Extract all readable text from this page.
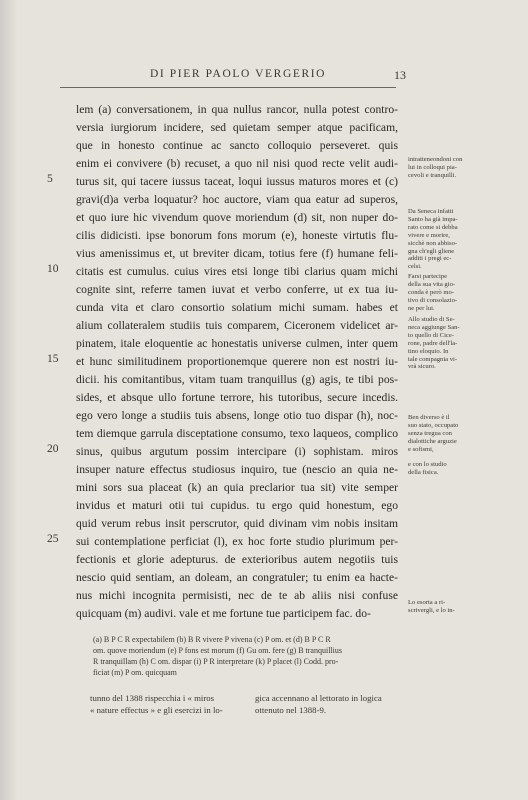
DI PIER PAOLO VERGERIO	13
lem (a) conversationem, in qua nullus rancor, nulla potest contro-
versia iurgiorum incidere, sed quietam semper atque pacificam,
que in honesto continue ac sancto colloquio perseveret. quis
enim ei convivere (b) recuset, a quo nil nisi quod recte velit audi-
turus sit, qui tacere iussus taceat, loqui iussus maturos mores et (c)
gravi(d)a verba loquatur? hoc auctore, viam qua eatur ad superos,
et quo iure hic vivendum quove moriendum (d) sit, non nuper do-
cilis didicisti. ipse bonorum fons morum (e), honeste virtutis flu-
vius amenissimus et, ut breviter dicam, totius fere (f) humane feli-
citatis est cumulus. cuius vires etsi longe tibi clarius quam michi
cognite sint, referre tamen iuvat et verbo conferre, ut ex tua iu-
cunda vita et claro consortio solatium michi sumam. habes et
alium collateralem studiis tuis comparem, Ciceronem videlicet ar-
pinatem, itale eloquentie ac honestatis universe culmen, inter quem
et hunc similitudinem proportionemque querere non est nostri iu-
dicii. his comitantibus, vitam tuam tranquillus (g) agis, te tibi pos-
sides, et absque ullo fortune terrore, his tutoribus, secure incedis.
ego vero longe a studiis tuis absens, longe otio tuo dispar (h), noc-
tem diemque garrula disceptatione consumo, texo laqueos, complico
sinus, quibus argutum possim intercipare (i) sophistam. miros
insuper nature effectus studiosus inquiro, tue (nescio an quia ne-
mini sors sua placeat (k) an quia preclarior tua sit) vite semper
invidus et maturi otii tui cupidus. tu ergo quid honestum, ego
quid verum rebus insit perscrutor, quid divinam vim nobis insitam
sui contemplatione perficiat (l), ex hoc forte studio plurimum per-
fectionis et glorie adepturus. de exterioribus autem negotiis tuis
nescio quid sentiam, an doleam, an congratuler; tu enim ea hacte-
nus michi incognita permisisti, nec de te ab aliis nisi confuse
quicquam (m) audivi. vale et me fortune tue participem fac. do-
5
10
15
20
25
intratteneondoni con
lui in colloqui pia-
cevoli e tranquilli.
Da Seneca infatti
Santo ha già impa-
rato come si debba
vivere e morire,
sicchè non abbiso-
gna ch'egli gliene
additi i pregi ec-
celsi.
Farsi partecipe
della sua vita gio-
conda è però mo-
tivo di consolazio-
ne per lui.
Allo studio di Se-
neca aggiunge San-
to quello di Cice-
rone, padre dell'la-
tino eloquio. In
tale compagnia vi-
vrà sicuro.
Ben diverso è il
suo stato, occupato
senza tregua con
dialottiche arguzie
e sofismi,
e con lo studio
della fisica.
Lo esorta a ri-
scrivergli, e lo in-
(a) B P C R expectabilem (b) B R vivere P vivena (c) P om. et (d) B P C R
om. quove moriendum (e) P fons est morum (f) Gu om. fere (g) B tranquillius
R tranquillam (h) C om. dispar (i) P R interpretare (k) P placet (l) Codd. pro-
ficiat (m) P om. quicquam
tunno del 1388 rispecchia i « miros
« nature effectus » e gli esercizi in lo-
gica accennano al lettorato in logica
ottenuto nel 1388-9.
